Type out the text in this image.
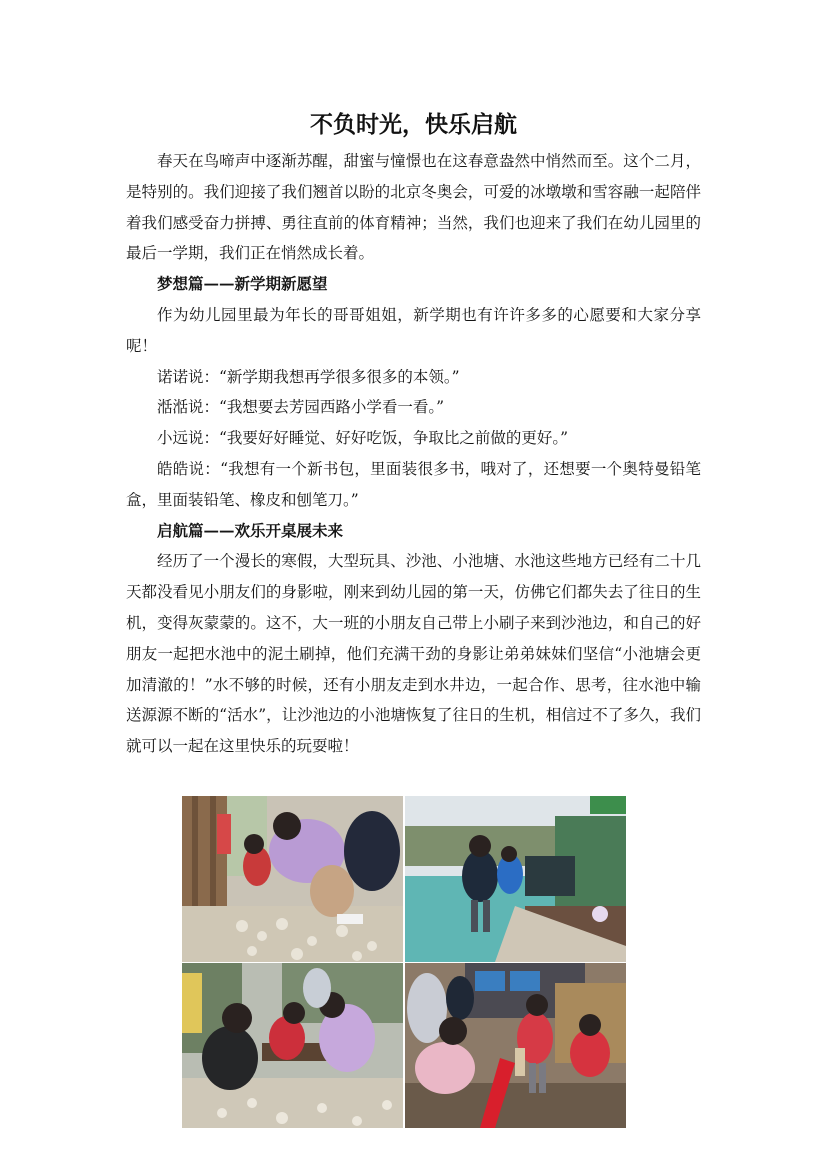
不负时光，快乐启航

春天在鸟啼声中逐渐苏醒，甜蜜与憧憬也在这春意盎然中悄然而至。这个二月，是特别的。我们迎接了我们翘首以盼的北京冬奥会，可爱的冰墩墩和雪容融一起陪伴着我们感受奋力拼搏、勇往直前的体育精神；当然，我们也迎来了我们在幼儿园里的最后一学期，我们正在悄然成长着。

梦想篇——新学期新愿望

作为幼儿园里最为年长的哥哥姐姐，新学期也有许许多多的心愿要和大家分享呢！

诺诺说：“新学期我想再学很多很多的本领。”

湉湉说：“我想要去芳园西路小学看一看。”

小远说：“我要好好睡觉、好好吃饭，争取比之前做的更好。”

皓皓说：“我想有一个新书包，里面装很多书，哦对了，还想要一个奥特曼铅笔盒，里面装铅笔、橡皮和刨笔刀。”

启航篇——欢乐开桌展未来

经历了一个漫长的寒假，大型玩具、沙池、小池塘、水池这些地方已经有二十几天都没看见小朋友们的身影啦，刚来到幼儿园的第一天，仿佛它们都失去了往日的生机，变得灰蒙蒙的。这不，大一班的小朋友自己带上小刷子来到沙池边，和自己的好朋友一起把水池中的泥土刷掉，他们充满干劲的身影让弟弟妹妹们坚信“小池塘会更加清澈的！”水不够的时候，还有小朋友走到水井边，一起合作、思考，往水池中输送源源不断的“活水”，让沙池边的小池塘恢复了往日的生机，相信过不了多久，我们就可以一起在这里快乐的玩耍啦！
